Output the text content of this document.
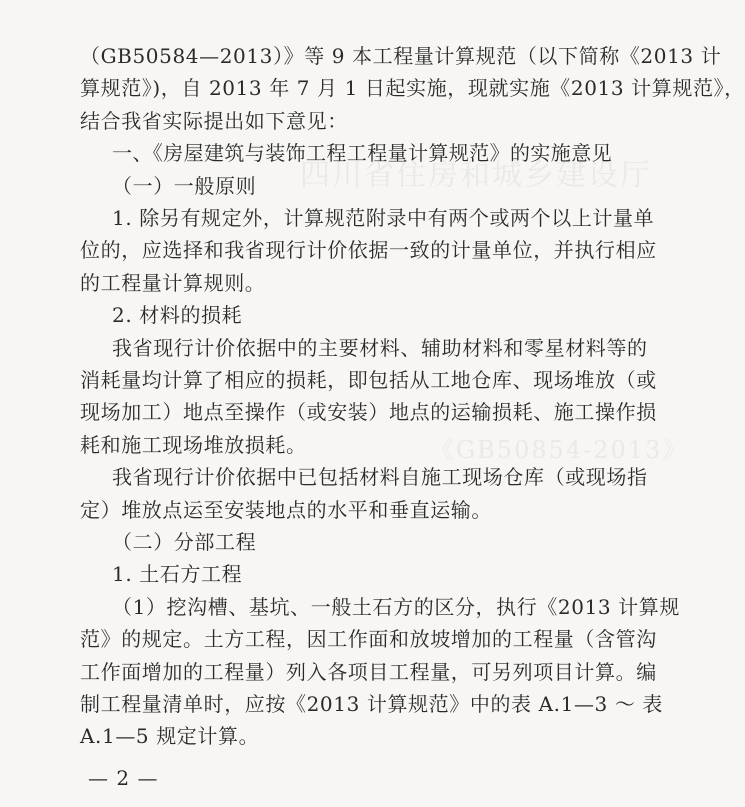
四川省住房和城乡建设厅
《GB50854-2013》
（GB50584—2013）》等 9 本工程量计算规范（以下简称《2013 计
算规范》)，自 2013 年 7 月 1 日起实施，现就实施《2013 计算规范》，
结合我省实际提出如下意见：
一、《房屋建筑与装饰工程工程量计算规范》的实施意见
（一）一般原则
1. 除另有规定外，计算规范附录中有两个或两个以上计量单
位的，应选择和我省现行计价依据一致的计量单位，并执行相应
的工程量计算规则。
2. 材料的损耗
我省现行计价依据中的主要材料、辅助材料和零星材料等的
消耗量均计算了相应的损耗，即包括从工地仓库、现场堆放（或
现场加工）地点至操作（或安装）地点的运输损耗、施工操作损
耗和施工现场堆放损耗。
我省现行计价依据中已包括材料自施工现场仓库（或现场指
定）堆放点运至安装地点的水平和垂直运输。
（二）分部工程
1. 土石方工程
（1）挖沟槽、基坑、一般土石方的区分，执行《2013 计算规
范》的规定。土方工程，因工作面和放坡增加的工程量（含管沟
工作面增加的工程量）列入各项目工程量，可另列项目计算。编
制工程量清单时，应按《2013 计算规范》中的表 A.1—3 ～ 表
A.1—5 规定计算。
— 2 —
